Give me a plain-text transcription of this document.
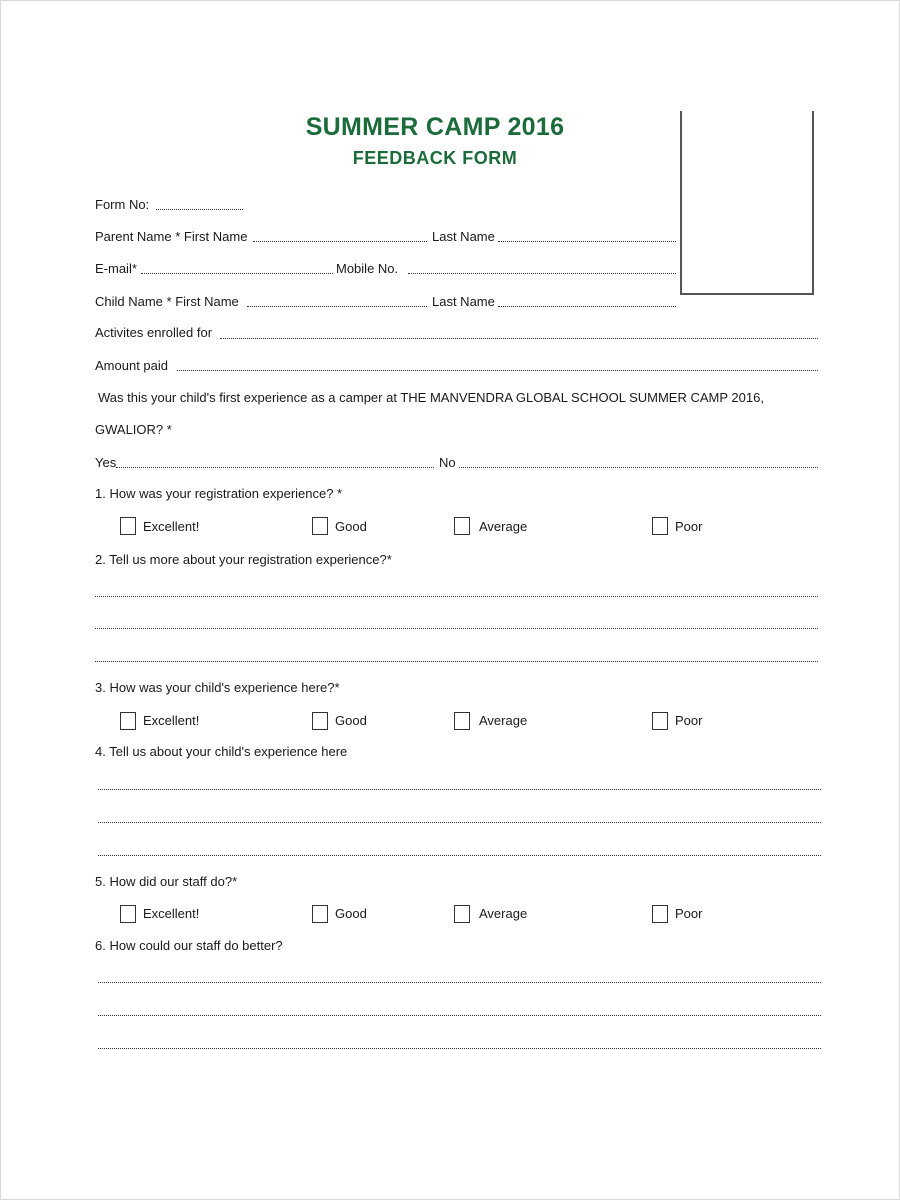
SUMMER CAMP 2016
FEEDBACK FORM
Form No:
Parent Name * First Name	Last Name
E-mail*	Mobile No.
Child Name * First Name	Last Name
Activites enrolled for
Amount paid
Was this your child's first experience as a camper at THE MANVENDRA GLOBAL SCHOOL SUMMER CAMP 2016,
GWALIOR? *
Yes	No
1. How was your registration experience? *
Excellent!	Good	Average	Poor
2. Tell us more about your registration experience?*
3. How was your child's experience here?*
Excellent!	Good	Average	Poor
4. Tell us about your child's experience here
5. How did our staff do?*
Excellent!	Good	Average	Poor
6. How could our staff do better?
